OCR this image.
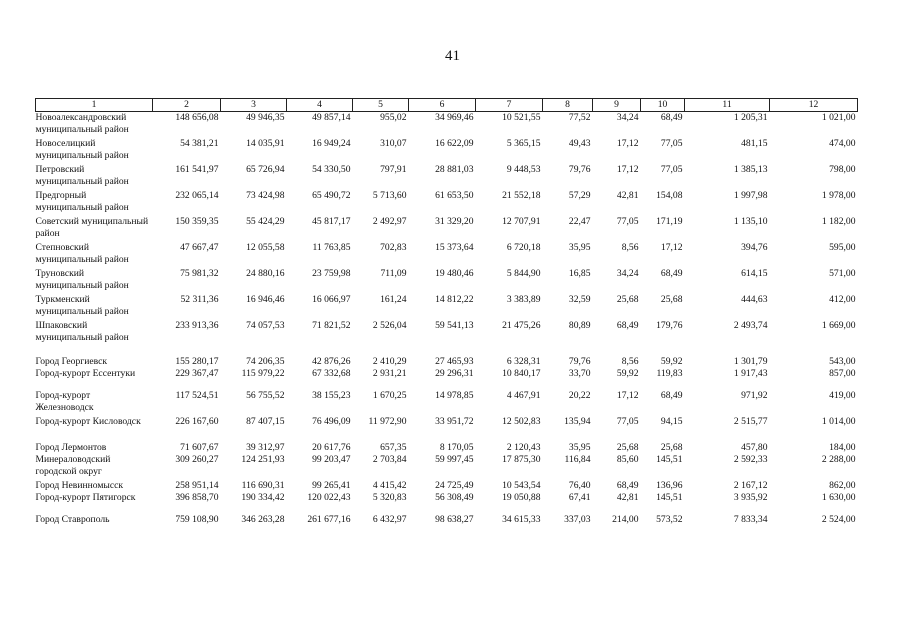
41
1	2	3	4	5	6	7	8	9	10	11	12
Новоалександровский муниципальный район	148 656,08	49 946,35	49 857,14	955,02	34 969,46	10 521,55	77,52	34,24	68,49	1 205,31	1 021,00
Новоселицкий муниципальный район	54 381,21	14 035,91	16 949,24	310,07	16 622,09	5 365,15	49,43	17,12	77,05	481,15	474,00
Петровский муниципальный район	161 541,97	65 726,94	54 330,50	797,91	28 881,03	9 448,53	79,76	17,12	77,05	1 385,13	798,00
Предгорный муниципальный район	232 065,14	73 424,98	65 490,72	5 713,60	61 653,50	21 552,18	57,29	42,81	154,08	1 997,98	1 978,00
Советский муниципальный район	150 359,35	55 424,29	45 817,17	2 492,97	31 329,20	12 707,91	22,47	77,05	171,19	1 135,10	1 182,00
Степновский муниципальный район	47 667,47	12 055,58	11 763,85	702,83	15 373,64	6 720,18	35,95	8,56	17,12	394,76	595,00
Труновский муниципальный район	75 981,32	24 880,16	23 759,98	711,09	19 480,46	5 844,90	16,85	34,24	68,49	614,15	571,00
Туркменский муниципальный район	52 311,36	16 946,46	16 066,97	161,24	14 812,22	3 383,89	32,59	25,68	25,68	444,63	412,00
Шпаковский муниципальный район	233 913,36	74 057,53	71 821,52	2 526,04	59 541,13	21 475,26	80,89	68,49	179,76	2 493,74	1 669,00
Город Георгиевск	155 280,17	74 206,35	42 876,26	2 410,29	27 465,93	6 328,31	79,76	8,56	59,92	1 301,79	543,00
Город-курорт Ессентуки	229 367,47	115 979,22	67 332,68	2 931,21	29 296,31	10 840,17	33,70	59,92	119,83	1 917,43	857,00
Город-курорт Железноводск	117 524,51	56 755,52	38 155,23	1 670,25	14 978,85	4 467,91	20,22	17,12	68,49	971,92	419,00
Город-курорт Кисловодск	226 167,60	87 407,15	76 496,09	11 972,90	33 951,72	12 502,83	135,94	77,05	94,15	2 515,77	1 014,00
Город Лермонтов	71 607,67	39 312,97	20 617,76	657,35	8 170,05	2 120,43	35,95	25,68	25,68	457,80	184,00
Минераловодский городской округ	309 260,27	124 251,93	99 203,47	2 703,84	59 997,45	17 875,30	116,84	85,60	145,51	2 592,33	2 288,00
Город Невинномысск	258 951,14	116 690,31	99 265,41	4 415,42	24 725,49	10 543,54	76,40	68,49	136,96	2 167,12	862,00
Город-курорт Пятигорск	396 858,70	190 334,42	120 022,43	5 320,83	56 308,49	19 050,88	67,41	42,81	145,51	3 935,92	1 630,00
Город Ставрополь	759 108,90	346 263,28	261 677,16	6 432,97	98 638,27	34 615,33	337,03	214,00	573,52	7 833,34	2 524,00
